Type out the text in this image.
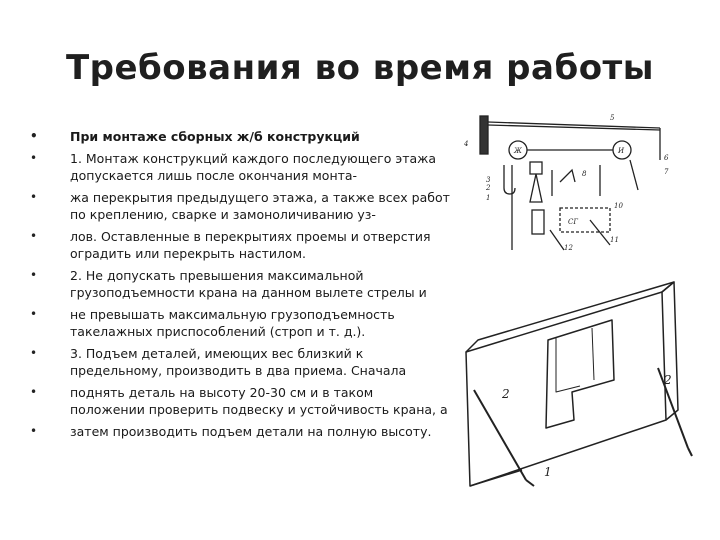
Требования во время работы
• При монтаже сборных ж/б конструкций
• 1. Монтаж конструкций каждого последующего этажа допускается лишь после окончания монта-
• жа перекрытия предыдущего этажа, а также всех работ по креплению, сварке и замоноличиванию уз-
• лов. Оставленные в перекрытиях проемы и отверстия оградить или перекрыть настилом.
• 2. Не допускать превышения максимальной грузоподъемности крана на данном вылете стрелы и
• не превышать максимальную грузоподъемность такелажных приспособлений (строп и т. д.).
• 3. Подъем деталей, имеющих вес близкий к предельному, производить в два приема. Сначала
• поднять деталь на высоту 20-30 см и в таком положении проверить подвеску и устойчивость крана, а
• затем производить подъем детали на полную высоту.
5
4
Ж	И
6
7
8
3
2
1
10
СГ
12
11
2
2
1
